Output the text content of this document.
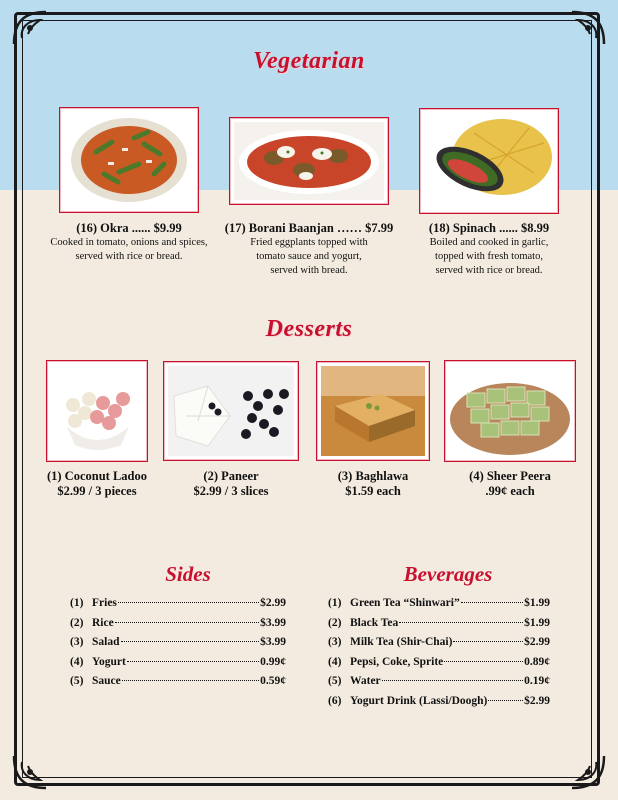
Vegetarian
(16) Okra ...... $9.99
Cooked in tomato, onions and spices,
served with rice or bread.
(17) Borani Baanjan …… $7.99
Fried eggplants topped with
tomato sauce and yogurt,
served with bread.
(18) Spinach ...... $8.99
Boiled and cooked in garlic,
topped with fresh tomato,
served with rice or bread.
Desserts
(1) Coconut Ladoo
$2.99 / 3 pieces
(2) Paneer
$2.99 / 3 slices
(3) Baghlawa
$1.59 each
(4) Sheer Peera
.99¢ each
Sides
(1) Fries	$2.99
(2) Rice	$3.99
(3) Salad	$3.99
(4) Yogurt	0.99¢
(5) Sauce	0.59¢
Beverages
(1) Green Tea “Shinwari”	$1.99
(2) Black Tea	$1.99
(3) Milk Tea (Shir-Chai)	$2.99
(4) Pepsi, Coke, Sprite	0.89¢
(5) Water	0.19¢
(6) Yogurt Drink (Lassi/Doogh)	$2.99
